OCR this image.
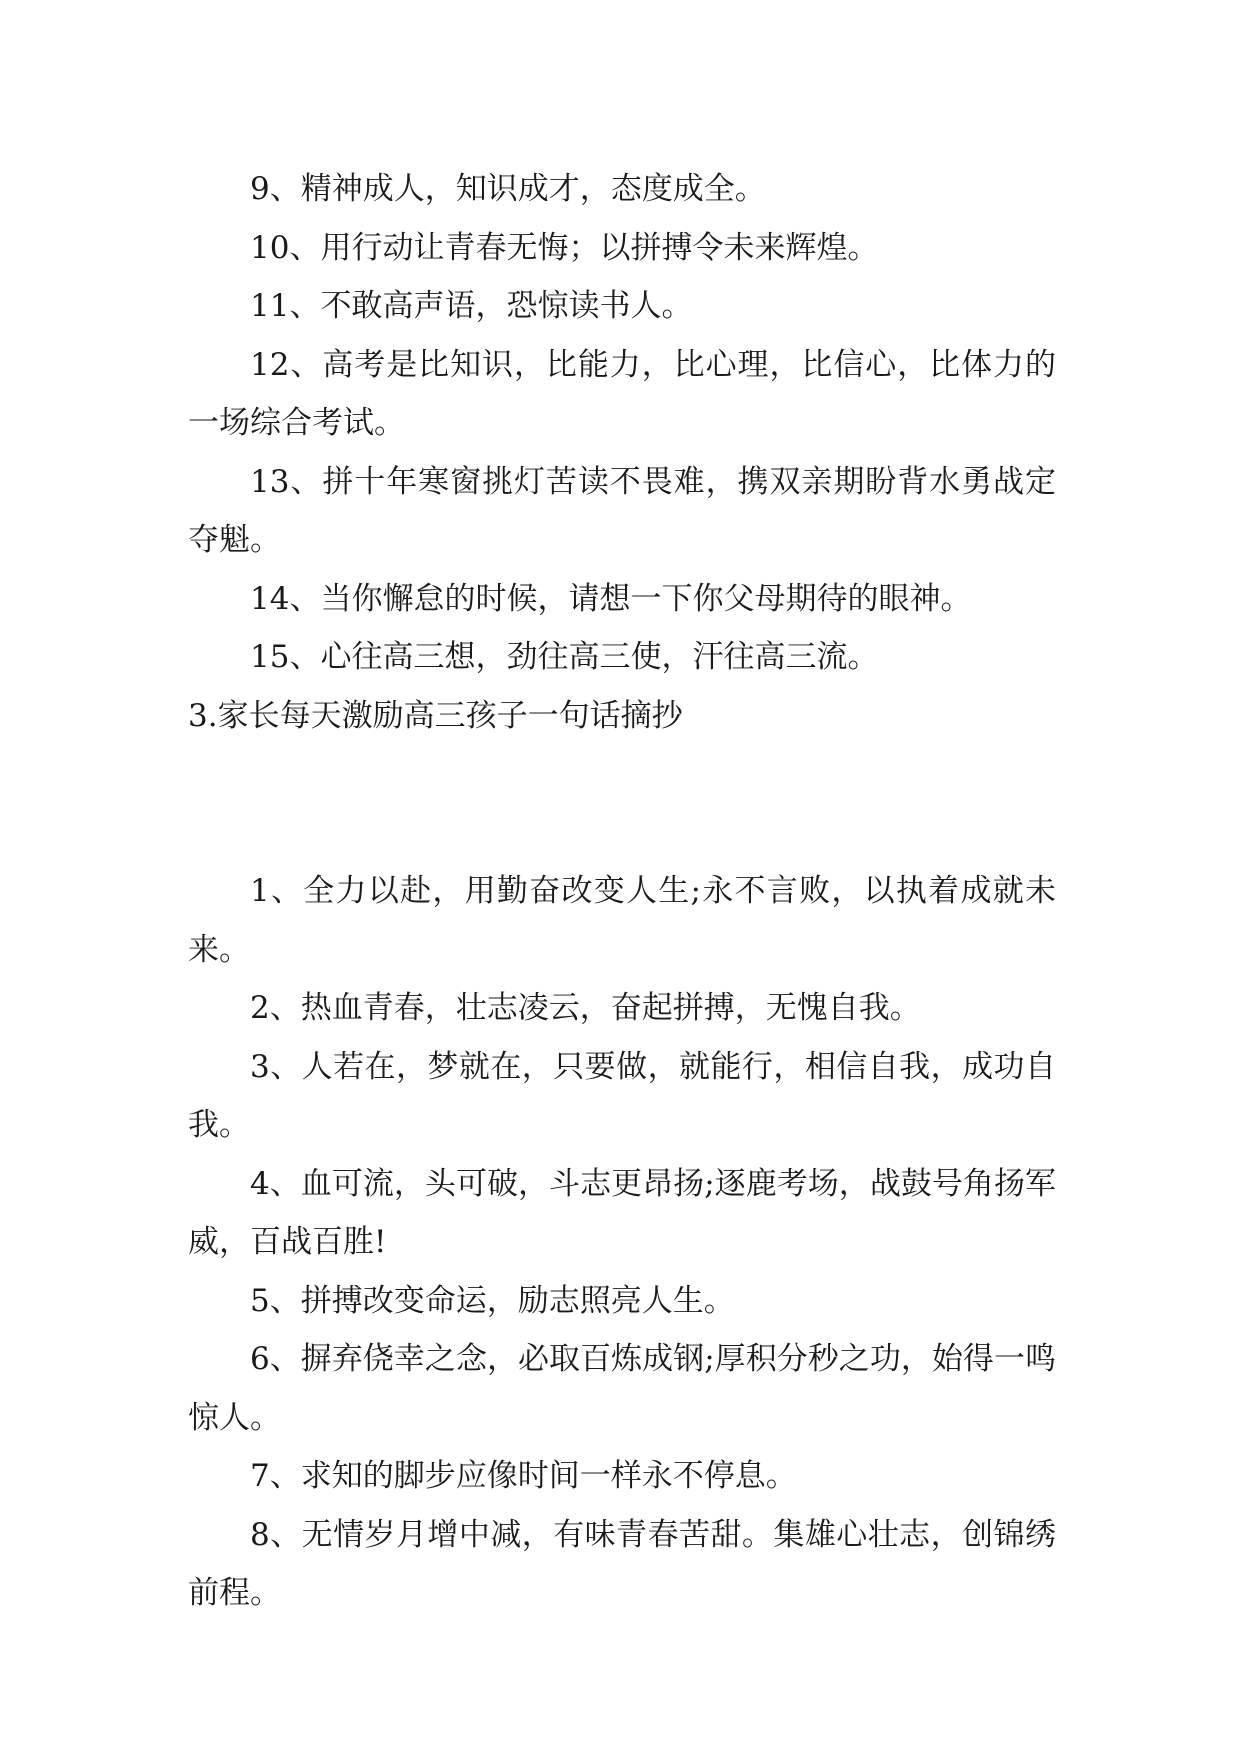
9、精神成人，知识成才，态度成全。

10、用行动让青春无悔；以拼搏令未来辉煌。

11、不敢高声语，恐惊读书人。

12、高考是比知识，比能力，比心理，比信心，比体力的一场综合考试。

13、拼十年寒窗挑灯苦读不畏难，携双亲期盼背水勇战定夺魁。

14、当你懈怠的时候，请想一下你父母期待的眼神。

15、心往高三想，劲往高三使，汗往高三流。

3.家长每天激励高三孩子一句话摘抄

1、全力以赴，用勤奋改变人生;永不言败，以执着成就未来。

2、热血青春，壮志凌云，奋起拼搏，无愧自我。

3、人若在，梦就在，只要做，就能行，相信自我，成功自我。

4、血可流，头可破，斗志更昂扬;逐鹿考场，战鼓号角扬军威，百战百胜!

5、拼搏改变命运，励志照亮人生。

6、摒弃侥幸之念，必取百炼成钢;厚积分秒之功，始得一鸣惊人。

7、求知的脚步应像时间一样永不停息。

8、无情岁月增中减，有味青春苦甜。集雄心壮志，创锦绣前程。
